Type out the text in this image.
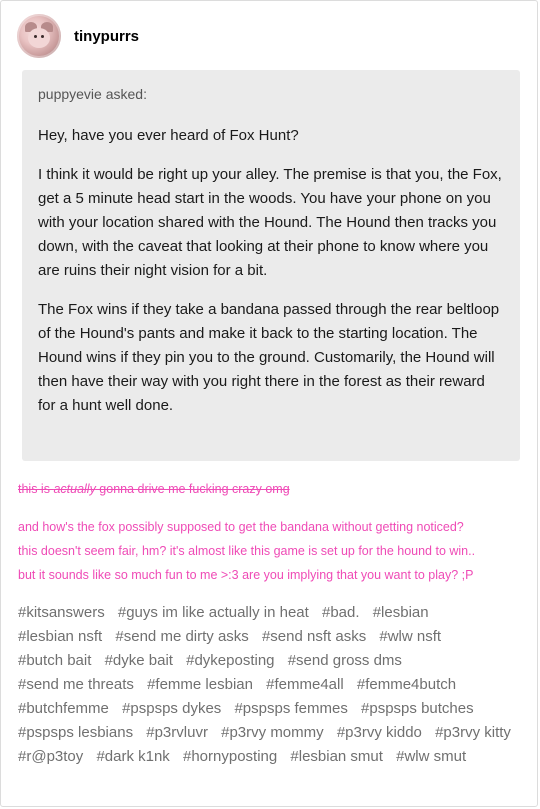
tinypurrs
puppyevie asked:

Hey, have you ever heard of Fox Hunt?

I think it would be right up your alley. The premise is that you, the Fox, get a 5 minute head start in the woods. You have your phone on you with your location shared with the Hound. The Hound then tracks you down, with the caveat that looking at their phone to know where you are ruins their night vision for a bit.

The Fox wins if they take a bandana passed through the rear beltloop of the Hound's pants and make it back to the starting location. The Hound wins if they pin you to the ground. Customarily, the Hound will then have their way with you right there in the forest as their reward for a hunt well done.

this is actually gonna drive me fucking crazy omg
and how's the fox possibly supposed to get the bandana without getting noticed?
this doesn't seem fair, hm? it's almost like this game is set up for the hound to win..
but it sounds like so much fun to me >:3 are you implying that you want to play? ;P
#kitsanswers #guys im like actually in heat #bad. #lesbian #lesbian nsft #send me dirty asks #send nsft asks #wlw nsft #butch bait #dyke bait #dykeposting #send gross dms #send me threats #femme lesbian #femme4all #femme4butch #butchfemme #pspsps dykes #pspsps femmes #pspsps butches #pspsps lesbians #p3rvluvr #p3rvy mommy #p3rvy kiddo #p3rvy kitty #r@p3toy #dark k1nk #hornyposting #lesbian smut #wlw smut
